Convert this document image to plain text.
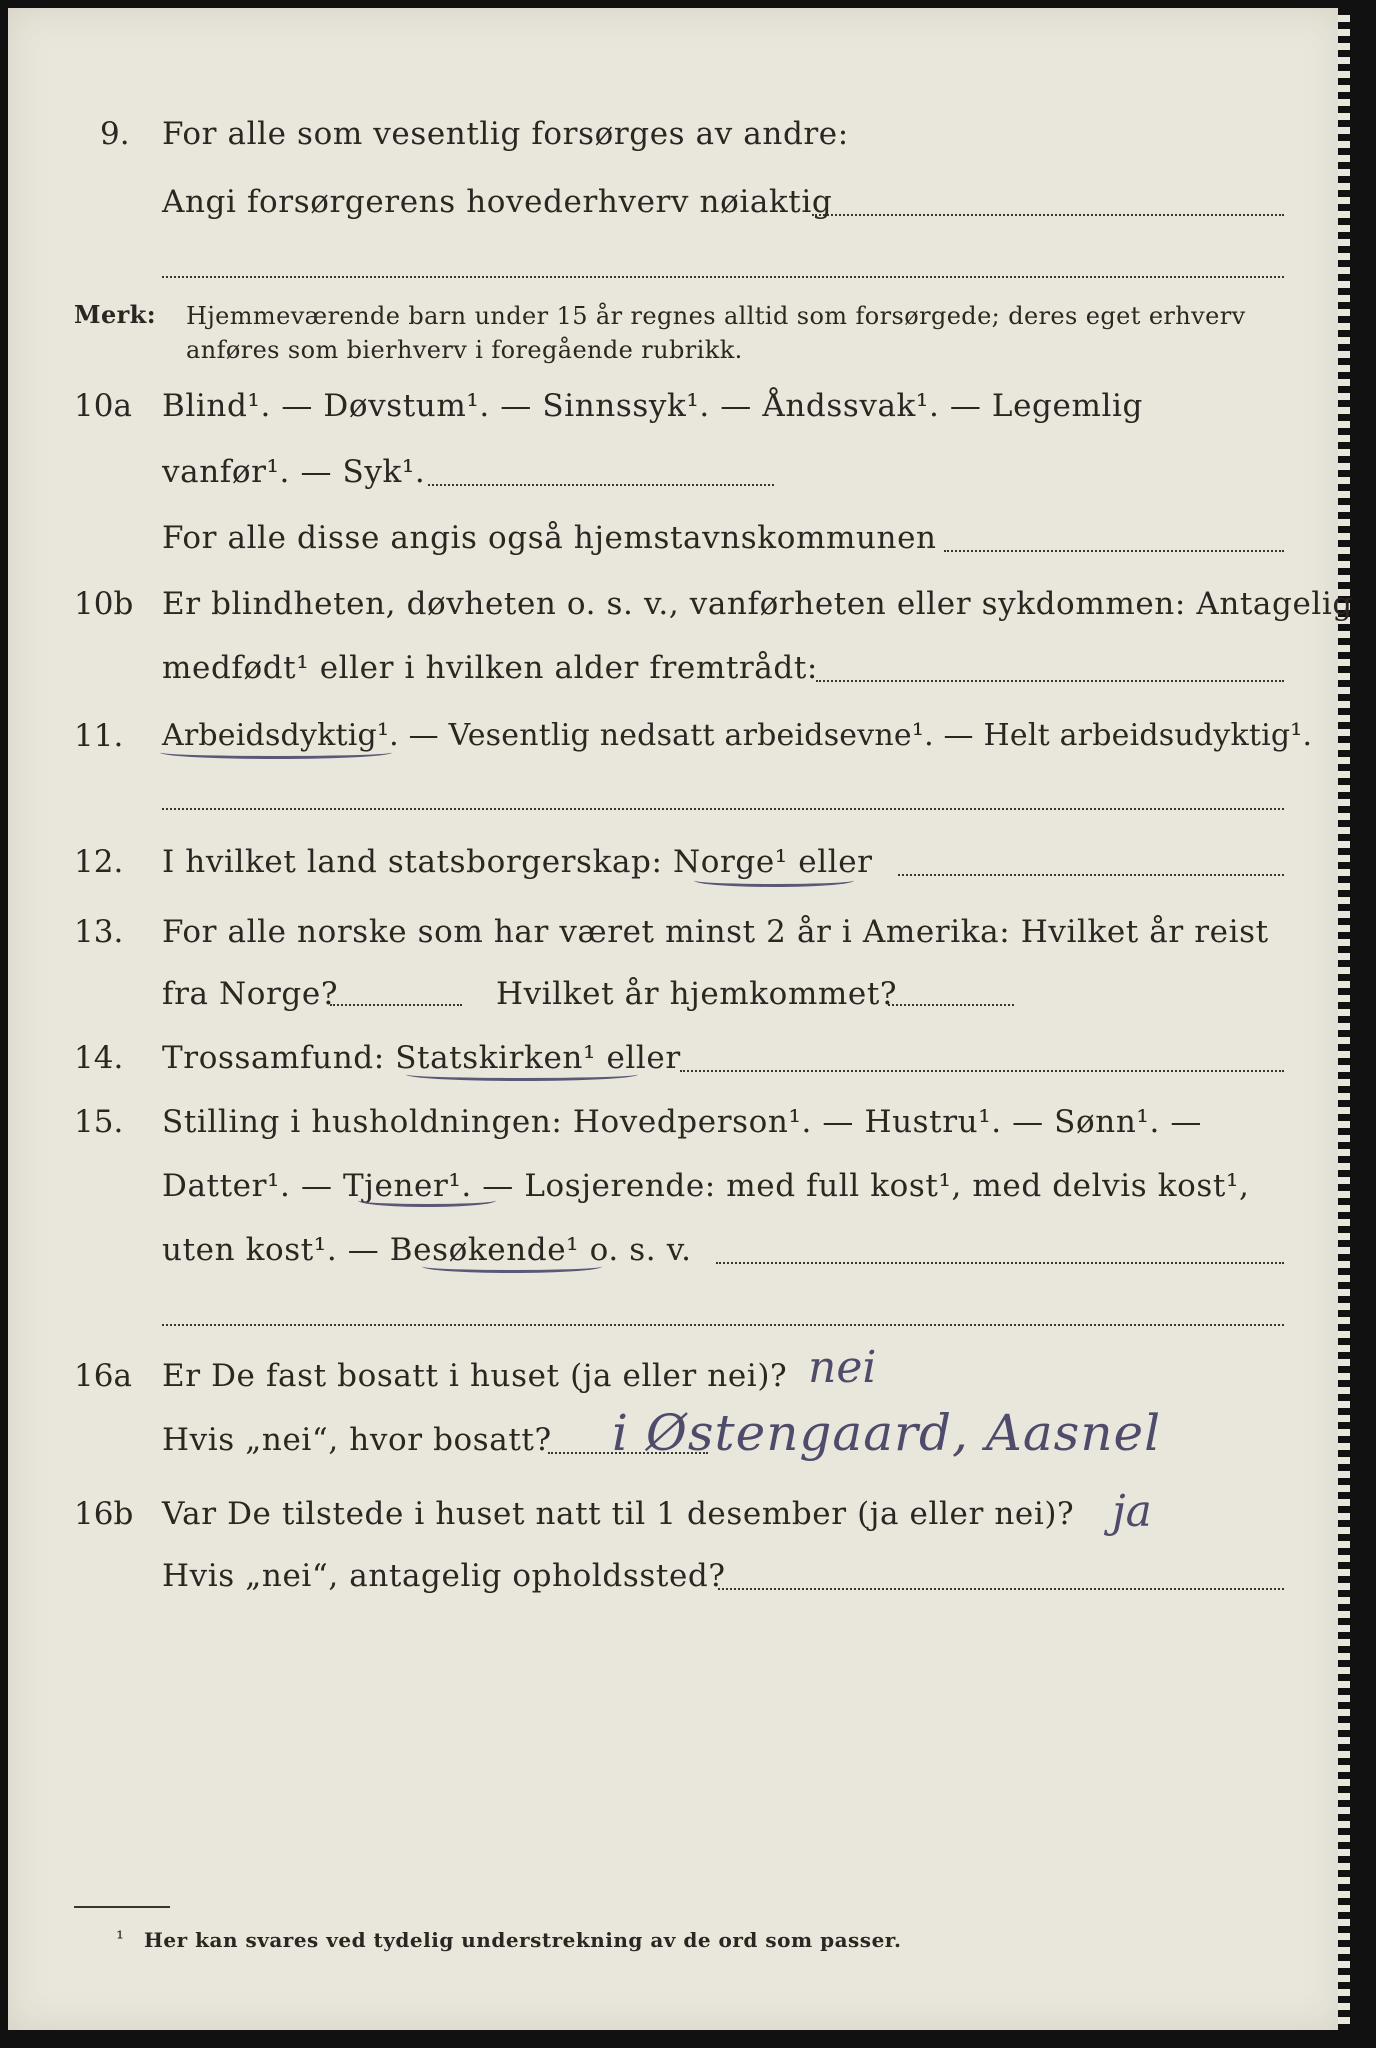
9. For alle som vesentlig forsørges av andre:
Angi forsørgerens hovederhverv nøiaktig
Merk: Hjemmeværende barn under 15 år regnes alltid som forsørgede; deres eget erhverv
anføres som bierhverv i foregående rubrikk.
10a Blind¹. — Døvstum¹. — Sinnssyk¹. — Åndssvak¹. — Legemlig
vanfør¹. — Syk¹.
For alle disse angis også hjemstavnskommunen
10b Er blindheten, døvheten o. s. v., vanførheten eller sykdommen: Antagelig
medfødt¹ eller i hvilken alder fremtrådt:
11. Arbeidsdyktig¹. — Vesentlig nedsatt arbeidsevne¹. — Helt arbeidsudyktig¹.
12. I hvilket land statsborgerskap: Norge¹ eller
13. For alle norske som har været minst 2 år i Amerika: Hvilket år reist
fra Norge?	Hvilket år hjemkommet?
14. Trossamfund: Statskirken¹ eller
15. Stilling i husholdningen: Hovedperson¹. — Hustru¹. — Sønn¹. —
Datter¹. — Tjener¹. — Losjerende: med full kost¹, med delvis kost¹,
uten kost¹. — Besøkende¹ o. s. v.
16a Er De fast bosatt i huset (ja eller nei)? nei
Hvis „nei“, hvor bosatt? i Østengaard, Aasnel
16b Var De tilstede i huset natt til 1 desember (ja eller nei)? ja
Hvis „nei“, antagelig opholdssted?
¹ Her kan svares ved tydelig understrekning av de ord som passer.
